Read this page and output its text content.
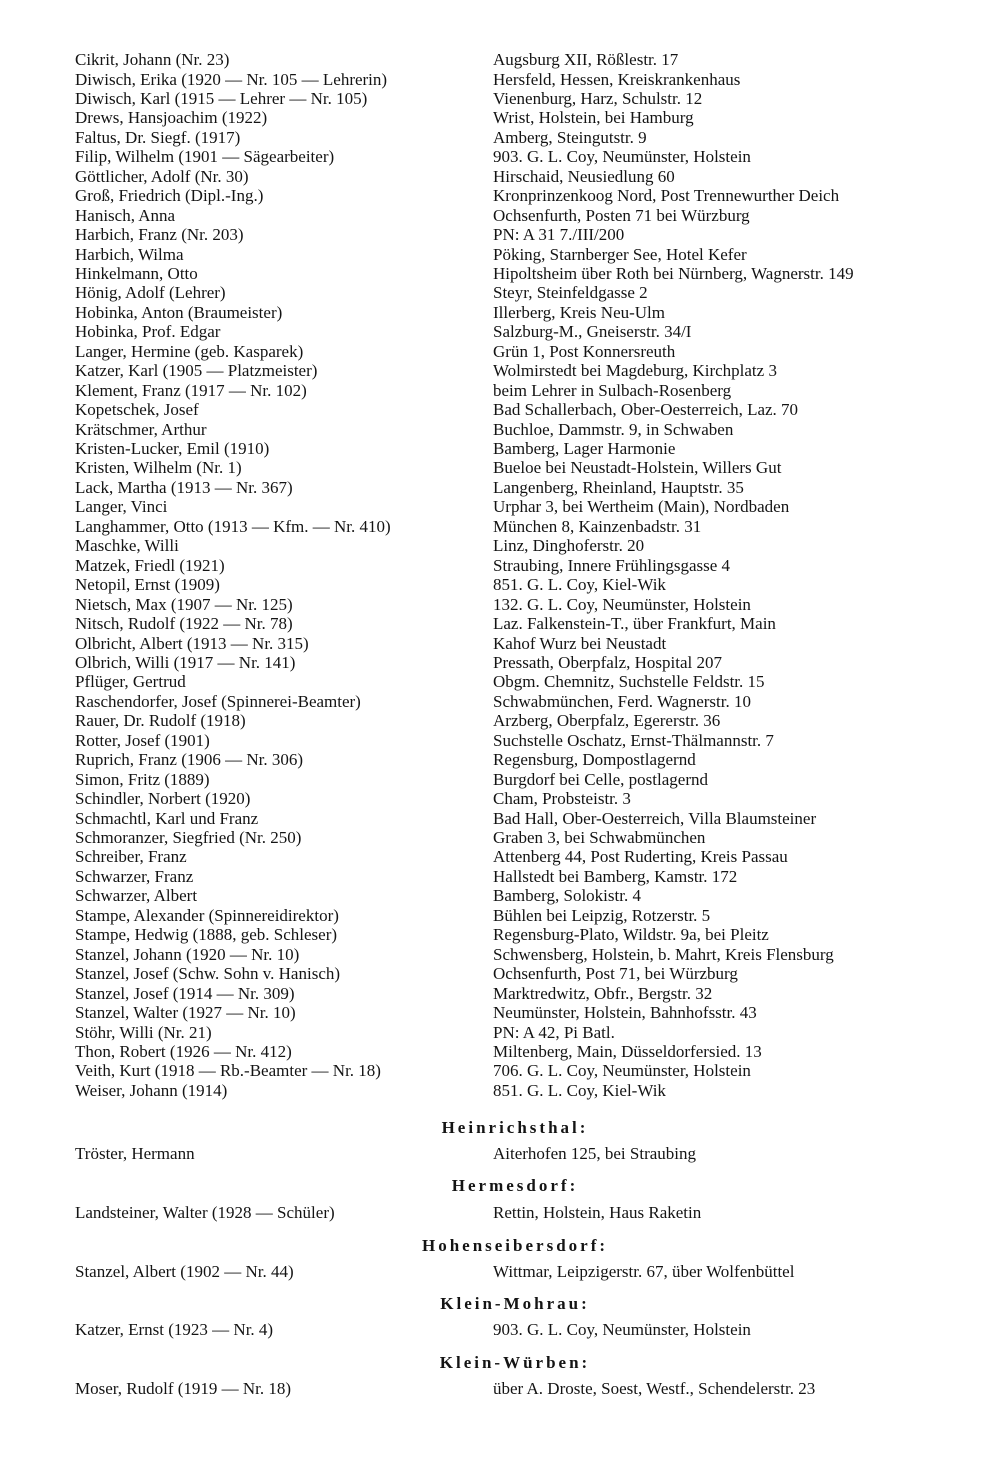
Cikrit, Johann (Nr. 23)	Augsburg XII, Rößlestr. 17
Diwisch, Erika (1920 — Nr. 105 — Lehrerin)	Hersfeld, Hessen, Kreiskrankenhaus
Diwisch, Karl (1915 — Lehrer — Nr. 105)	Vienenburg, Harz, Schulstr. 12
Drews, Hansjoachim (1922)	Wrist, Holstein, bei Hamburg
Faltus, Dr. Siegf. (1917)	Amberg, Steingutstr. 9
Filip, Wilhelm (1901 — Sägearbeiter)	903. G. L. Coy, Neumünster, Holstein
Göttlicher, Adolf (Nr. 30)	Hirschaid, Neusiedlung 60
Groß, Friedrich (Dipl.-Ing.)	Kronprinzenkoog Nord, Post Trennewurther Deich
Hanisch, Anna	Ochsenfurth, Posten 71 bei Würzburg
Harbich, Franz (Nr. 203)	PN: A 31 7./III/200
Harbich, Wilma	Pöking, Starnberger See, Hotel Kefer
Hinkelmann, Otto	Hipoltsheim über Roth bei Nürnberg, Wagnerstr. 149
Hönig, Adolf (Lehrer)	Steyr, Steinfeldgasse 2
Hobinka, Anton (Braumeister)	Illerberg, Kreis Neu-Ulm
Hobinka, Prof. Edgar	Salzburg-M., Gneiserstr. 34/I
Langer, Hermine (geb. Kasparek)	Grün 1, Post Konnersreuth
Katzer, Karl (1905 — Platzmeister)	Wolmirstedt bei Magdeburg, Kirchplatz 3
Klement, Franz (1917 — Nr. 102)	beim Lehrer in Sulbach-Rosenberg
Kopetschek, Josef	Bad Schallerbach, Ober-Oesterreich, Laz. 70
Krätschmer, Arthur	Buchloe, Dammstr. 9, in Schwaben
Kristen-Lucker, Emil (1910)	Bamberg, Lager Harmonie
Kristen, Wilhelm (Nr. 1)	Bueloe bei Neustadt-Holstein, Willers Gut
Lack, Martha (1913 — Nr. 367)	Langenberg, Rheinland, Hauptstr. 35
Langer, Vinci	Urphar 3, bei Wertheim (Main), Nordbaden
Langhammer, Otto (1913 — Kfm. — Nr. 410)	München 8, Kainzenbadstr. 31
Maschke, Willi	Linz, Dinghoferstr. 20
Matzek, Friedl (1921)	Straubing, Innere Frühlingsgasse 4
Netopil, Ernst (1909)	851. G. L. Coy, Kiel-Wik
Nietsch, Max (1907 — Nr. 125)	132. G. L. Coy, Neumünster, Holstein
Nitsch, Rudolf (1922 — Nr. 78)	Laz. Falkenstein-T., über Frankfurt, Main
Olbricht, Albert (1913 — Nr. 315)	Kahof Wurz bei Neustadt
Olbrich, Willi (1917 — Nr. 141)	Pressath, Oberpfalz, Hospital 207
Pflüger, Gertrud	Obgm. Chemnitz, Suchstelle Feldstr. 15
Raschendorfer, Josef (Spinnerei-Beamter)	Schwabmünchen, Ferd. Wagnerstr. 10
Rauer, Dr. Rudolf (1918)	Arzberg, Oberpfalz, Egererstr. 36
Rotter, Josef (1901)	Suchstelle Oschatz, Ernst-Thälmannstr. 7
Ruprich, Franz (1906 — Nr. 306)	Regensburg, Dompostlagernd
Simon, Fritz (1889)	Burgdorf bei Celle, postlagernd
Schindler, Norbert (1920)	Cham, Probsteistr. 3
Schmachtl, Karl und Franz	Bad Hall, Ober-Oesterreich, Villa Blaumsteiner
Schmoranzer, Siegfried (Nr. 250)	Graben 3, bei Schwabmünchen
Schreiber, Franz	Attenberg 44, Post Ruderting, Kreis Passau
Schwarzer, Franz	Hallstedt bei Bamberg, Kamstr. 172
Schwarzer, Albert	Bamberg, Solokistr. 4
Stampe, Alexander (Spinnereidirektor)	Bühlen bei Leipzig, Rotzerstr. 5
Stampe, Hedwig (1888, geb. Schleser)	Regensburg-Plato, Wildstr. 9a, bei Pleitz
Stanzel, Johann (1920 — Nr. 10)	Schwensberg, Holstein, b. Mahrt, Kreis Flensburg
Stanzel, Josef (Schw. Sohn v. Hanisch)	Ochsenfurth, Post 71, bei Würzburg
Stanzel, Josef (1914 — Nr. 309)	Marktredwitz, Obfr., Bergstr. 32
Stanzel, Walter (1927 — Nr. 10)	Neumünster, Holstein, Bahnhofsstr. 43
Stöhr, Willi (Nr. 21)	PN: A 42, Pi Batl.
Thon, Robert (1926 — Nr. 412)	Miltenberg, Main, Düsseldorfersied. 13
Veith, Kurt (1918 — Rb.-Beamter — Nr. 18)	706. G. L. Coy, Neumünster, Holstein
Weiser, Johann (1914)	851. G. L. Coy, Kiel-Wik
Heinrichsthal:
Tröster, Hermann	Aiterhofen 125, bei Straubing
Hermesdorf:
Landsteiner, Walter (1928 — Schüler)	Rettin, Holstein, Haus Raketin
Hohenseibersdorf:
Stanzel, Albert (1902 — Nr. 44)	Wittmar, Leipzigerstr. 67, über Wolfenbüttel
Klein-Mohrau:
Katzer, Ernst (1923 — Nr. 4)	903. G. L. Coy, Neumünster, Holstein
Klein-Würben:
Moser, Rudolf (1919 — Nr. 18)	über A. Droste, Soest, Westf., Schendelerstr. 23
